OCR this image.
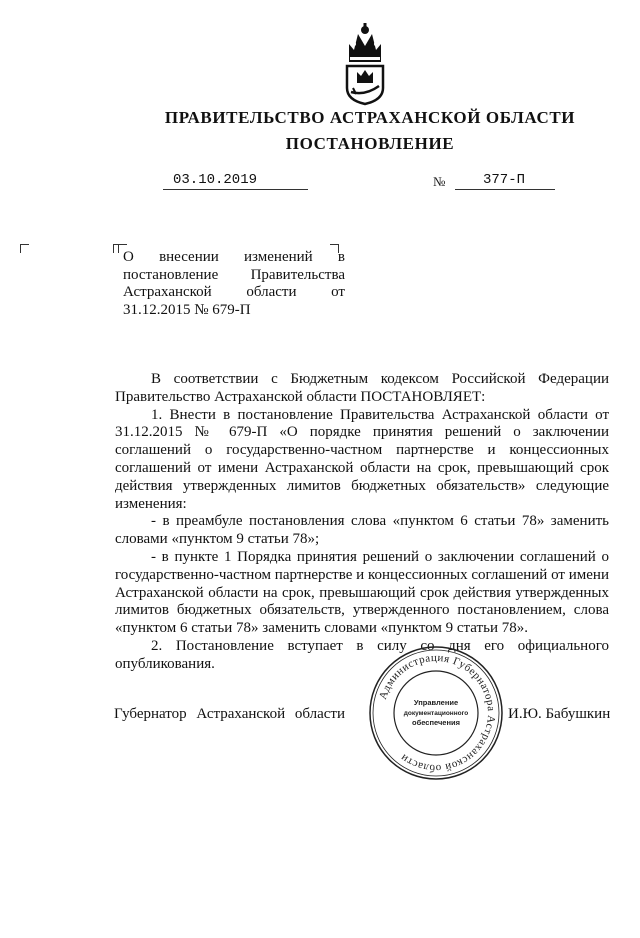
ПРАВИТЕЛЬСТВО АСТРАХАНСКОЙ ОБЛАСТИ
ПОСТАНОВЛЕНИЕ
03.10.2019	№	377-П
О внесении изменений в постановление Правительства Астраханской области от 31.12.2015 № 679-П

В соответствии с Бюджетным кодексом Российской Федерации Правительство Астраханской области ПОСТАНОВЛЯЕТ:

1. Внести в постановление Правительства Астраханской области от 31.12.2015 № 679-П «О порядке принятия решений о заключении соглашений о государственно-частном партнерстве и концессионных соглашений от имени Астраханской области на срок, превышающий срок действия утвержденных лимитов бюджетных обязательств» следующие изменения:

- в преамбуле постановления слова «пунктом 6 статьи 78» заменить словами «пунктом 9 статьи 78»;

- в пункте 1 Порядка принятия решений о заключении соглашений о государственно-частном партнерстве и концессионных соглашений от имени Астраханской области на срок, превышающий срок действия утвержденных лимитов бюджетных обязательств, утвержденного постановлением, слова «пунктом 6 статьи 78» заменить словами «пунктом 9 статьи 78».

2. Постановление вступает в силу со дня его официального опубликования.

Губернатор Астраханской области	И.Ю. Бабушкин
Администрация Губернатора Астраханской области
Управление
документационного
обеспечения
